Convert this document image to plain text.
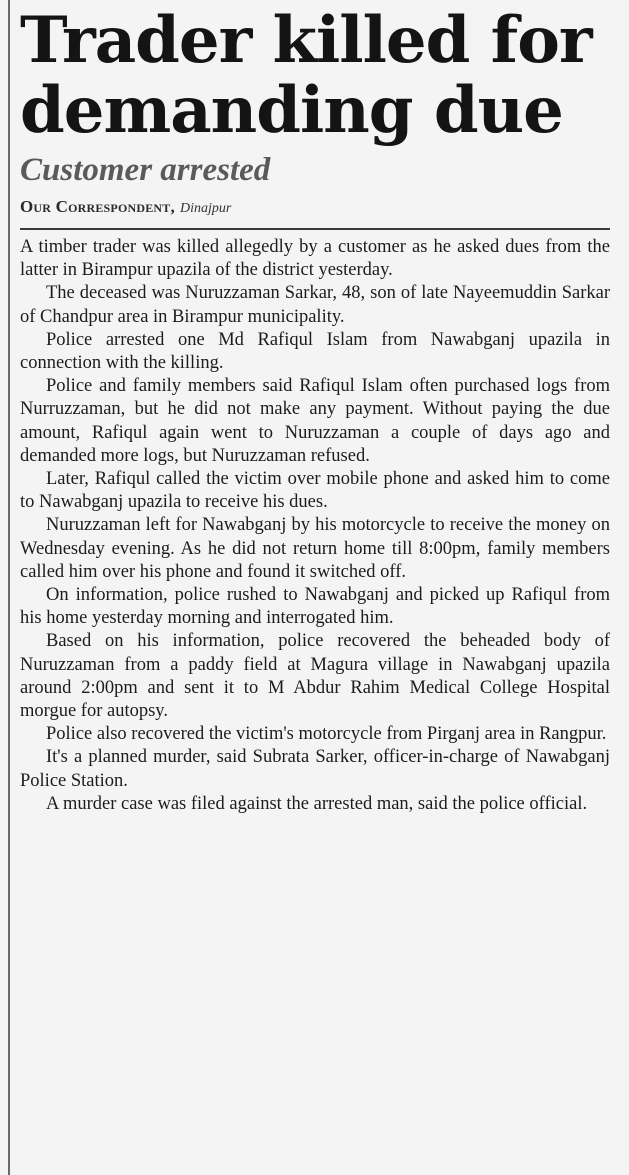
Trader killed for
demanding due
Customer arrested
Our Correspondent, Dinajpur

A timber trader was killed allegedly by a customer as he asked dues from the latter in Birampur upazila of the district yesterday.

The deceased was Nuruzzaman Sarkar, 48, son of late Nayeemuddin Sarkar of Chandpur area in Birampur municipality.

Police arrested one Md Rafiqul Islam from Nawabganj upazila in connection with the killing.

Police and family members said Rafiqul Islam often purchased logs from Nurruzzaman, but he did not make any payment. Without paying the due amount, Rafiqul again went to Nuruzzaman a couple of days ago and demanded more logs, but Nuruzzaman refused.

Later, Rafiqul called the victim over mobile phone and asked him to come to Nawabganj upazila to receive his dues.

Nuruzzaman left for Nawabganj by his motorcycle to receive the money on Wednesday evening. As he did not return home till 8:00pm, family members called him over his phone and found it switched off.

On information, police rushed to Nawabganj and picked up Rafiqul from his home yesterday morning and interrogated him.

Based on his information, police recovered the beheaded body of Nuruzzaman from a paddy field at Magura village in Nawabganj upazila around 2:00pm and sent it to M Abdur Rahim Medical College Hospital morgue for autopsy.

Police also recovered the victim's motorcycle from Pirganj area in Rangpur.

It's a planned murder, said Subrata Sarker, officer-in-charge of Nawabganj Police Station.

A murder case was filed against the arrested man, said the police official.
